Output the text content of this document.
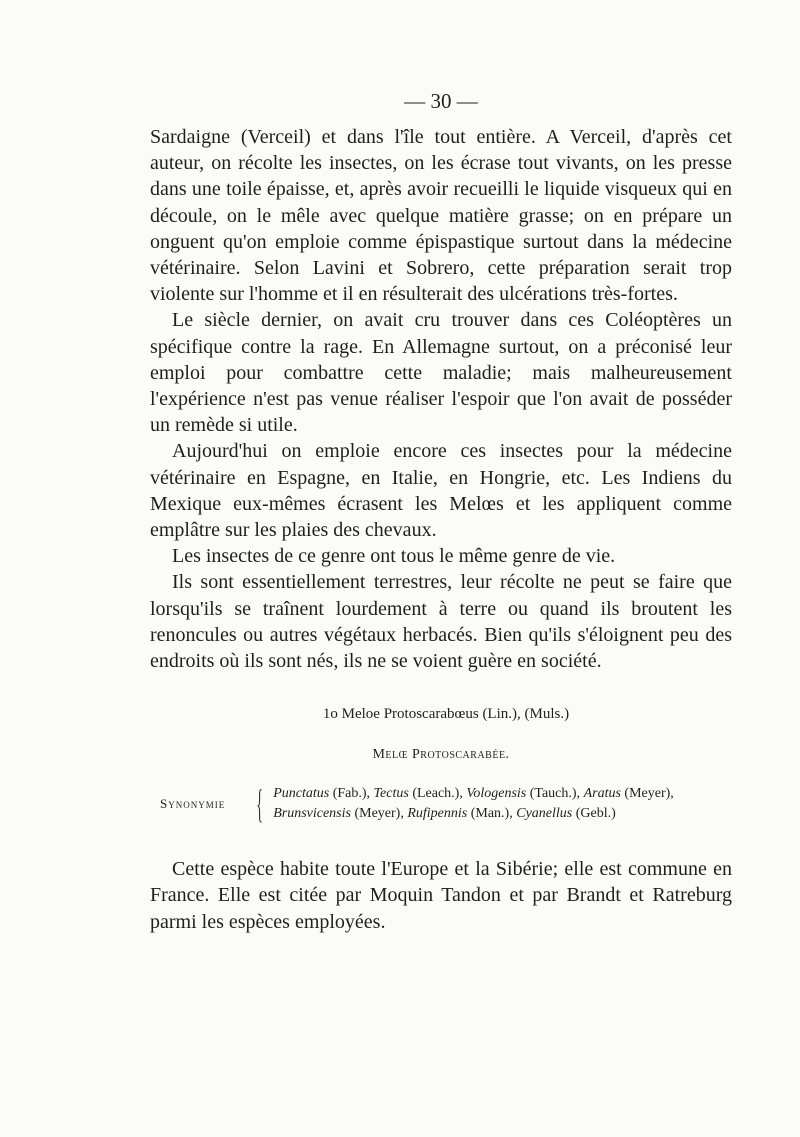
— 30 —

Sardaigne (Verceil) et dans l'île tout entière. A Verceil, d'après cet auteur, on récolte les insectes, on les écrase tout vivants, on les presse dans une toile épaisse, et, après avoir recueilli le liquide visqueux qui en découle, on le mêle avec quelque matière grasse; on en prépare un onguent qu'on emploie comme épispastique surtout dans la médecine vétérinaire. Selon Lavini et Sobrero, cette préparation serait trop violente sur l'homme et il en résulterait des ulcérations très-fortes.

Le siècle dernier, on avait cru trouver dans ces Coléoptères un spécifique contre la rage. En Allemagne surtout, on a préconisé leur emploi pour combattre cette maladie; mais malheureusement l'expérience n'est pas venue réaliser l'espoir que l'on avait de posséder un remède si utile.

Aujourd'hui on emploie encore ces insectes pour la médecine vétérinaire en Espagne, en Italie, en Hongrie, etc. Les Indiens du Mexique eux-mêmes écrasent les Melœs et les appliquent comme emplâtre sur les plaies des chevaux.

Les insectes de ce genre ont tous le même genre de vie.

Ils sont essentiellement terrestres, leur récolte ne peut se faire que lorsqu'ils se traînent lourdement à terre ou quand ils broutent les renoncules ou autres végétaux herbacés. Bien qu'ils s'éloignent peu des endroits où ils sont nés, ils ne se voient guère en société.

1o Meloe Protoscarabœus (Lin.), (Muls.)
Melœ Protoscarabée.
Synonymie { Punctatus (Fab.), Tectus (Leach.), Vologensis (Tauch.), Aratus (Meyer),
Brunsvicensis (Meyer), Rufipennis (Man.), Cyanellus (Gebl.)

Cette espèce habite toute l'Europe et la Sibérie; elle est commune en France. Elle est citée par Moquin Tandon et par Brandt et Ratreburg parmi les espèces employées.
